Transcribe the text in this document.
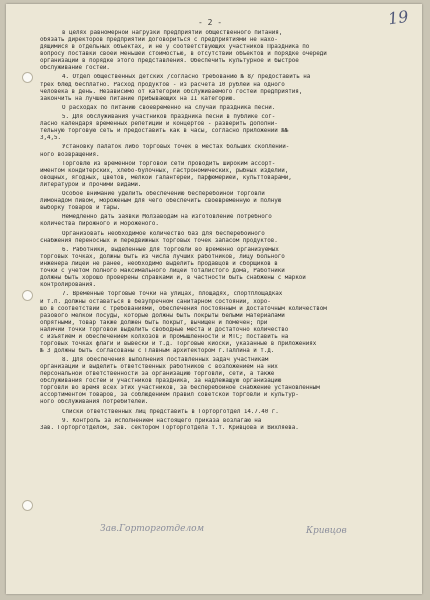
- 2 -	19
в целях равномерной нагрузки предприятий общественного питания,
обязать директоров предприятий договориться с предприятиями не нахо-
дящимися в отдельных объектах, и не у соответствующих участников Праздника по
вопросу поставки своей меньшей стоимостью, в отсутствии объектов и порядке очереди
организации в порядке этого представления. Обеспечить культурное и быстрое
обслуживание гостей.
4. Отдел общественных детских /согласно требованию № 8/ предоставить на
трех блюд бесплатно. Расход продуктов - из расчета 10 рублей на одного
человека в день. Независимо от категорий обслуживаемого гостей предприятия,
закончить на лучшее питание прибывающих на II категорию.
О расходах по питанию своевременно на случай праздника песни.
5. Для обслуживания участников праздника песни в публике сог-
ласно календаря временных репетиций и концертов - разверить дополни-
тельную торговую сеть и предоставить как в часы, согласно приложений №№
3,4,5.
Установку палаток либо торговых точек в местах больших скоплений-
ного возвращения.
Торговлю из временной торговой сети проводить широким ассорт-
иментом кондитерских, хлебо-булочных, гастрономических, рыбных изделий,
овощных, ягодных, цветов, мелкой галантереи, парфюмерией, культтоварами,
литературой и прочими видами.
Особое внимание уделить обеспечению бесперебойной торговли
лимонадом пивом, мороженым для чего обеспечить своевременную и полную
выборку товаров и тары.
Немедленно дать заявки Молзаводам на изготовление потребного
количества пирожного и мороженого.
Организовать необходимое количество баз для бесперебойного
снабжения переносных и передвижных торговых точек запасом продуктов.
6. Работники, выделенные для торговли во временно организуемых
торговых точках, должны быть из числа лучших работников, лицу больного
инженера лицей не ранее, необходимо выделить продавцов и сборщиков в
точки с учетом полного максимального лицей тоталистого дома, Работники
должны быть хорошо проверены справками и, в частности быть снабжены с маркой
контролирования.
7. Временные торговые точки на улицах, площадях, спортплощадках
и т.п. должны оставаться в безупречном санитарном состоянии, хоро-
шо в соответствии с требованиями, обеспечения постоянным и достаточным количеством
разового мелкой посуды, которые должны быть покрыты белыми материалами
опрятными, товар также должен быть покрыт, вычищен и помечен; при
наличии точки торговой выделить свободные места и достаточно количество
с изъятием и обеспечением колхозов и промышленности и МТС; поставить на
торговых точках флаги и вывески и т.д. Торговые киоски, указанные в приложениях
№ 3 должны быть согласованы с Главным архитектором г.Таллина и т.д.
8. Для обеспечения выполнения поставленных задач участникам
организации и выделить ответственных работников с возложением на них
персональной ответственности за организацию торговли, сети, а также
обслуживания гостей и участников праздника, за надлежащую организацию
торговли во время всех этих участников, за бесперебойное снабжение установленным
ассортиментом товаров, за соблюдением правил советской торговли и культур-
ного обслуживания потребителей.
Списки ответственных лиц представить в Горторготдел 14.7.40 г.
9. Контроль за исполнением настоящего приказа возлагаю на
Зав. Горторготделом, Зав. сектором Горторготдела т.т. Кривцова и Вихляева.
Зав.Горторготделом	Кривцов
